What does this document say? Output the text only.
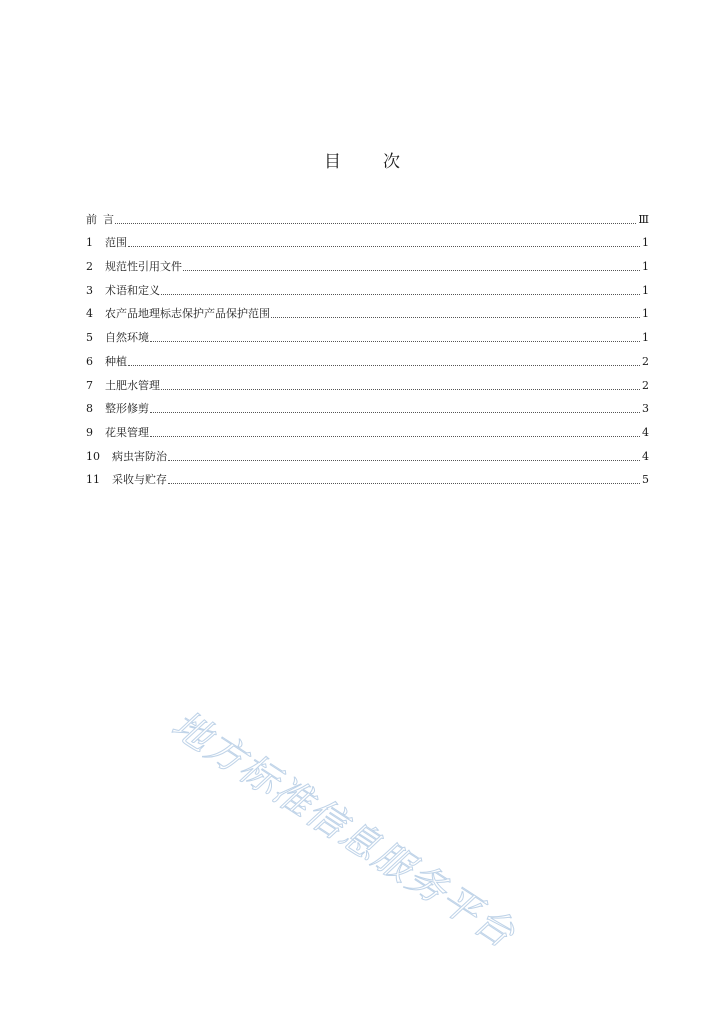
目 次
前 言	Ⅲ
1	范围	1
2	规范性引用文件	1
3	术语和定义	1
4	农产品地理标志保护产品保护范围	1
5	自然环境	1
6	种植	2
7	土肥水管理	2
8	整形修剪	3
9	花果管理	4
10	病虫害防治	4
11	采收与贮存	5
地方标准信息服务平台
